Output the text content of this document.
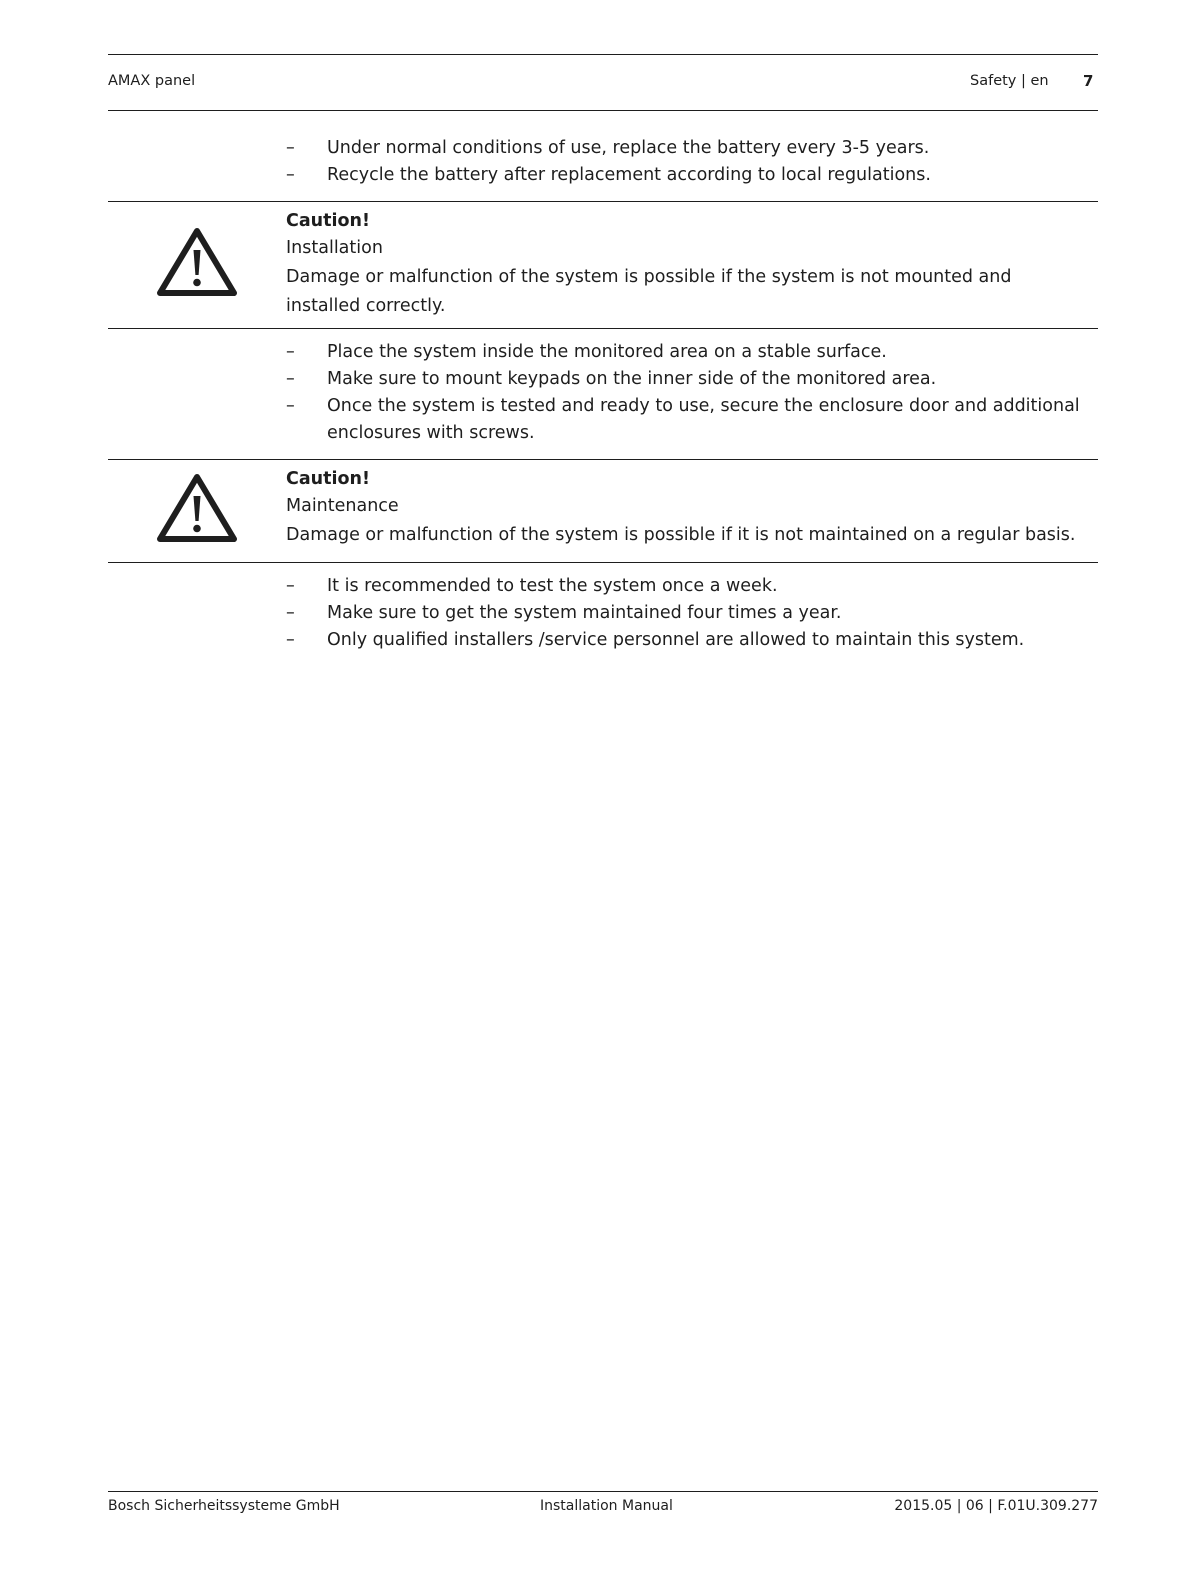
AMAX panel	Safety | en 7
– Under normal conditions of use, replace the battery every 3-5 years.
– Recycle the battery after replacement according to local regulations.
Caution!
Installation
Damage or malfunction of the system is possible if the system is not mounted and installed correctly.
– Place the system inside the monitored area on a stable surface.
– Make sure to mount keypads on the inner side of the monitored area.
– Once the system is tested and ready to use, secure the enclosure door and additional enclosures with screws.
Caution!
Maintenance
Damage or malfunction of the system is possible if it is not maintained on a regular basis.
– It is recommended to test the system once a week.
– Make sure to get the system maintained four times a year.
– Only qualified installers /service personnel are allowed to maintain this system.
Bosch Sicherheitssysteme GmbH	Installation Manual	2015.05 | 06 | F.01U.309.277
